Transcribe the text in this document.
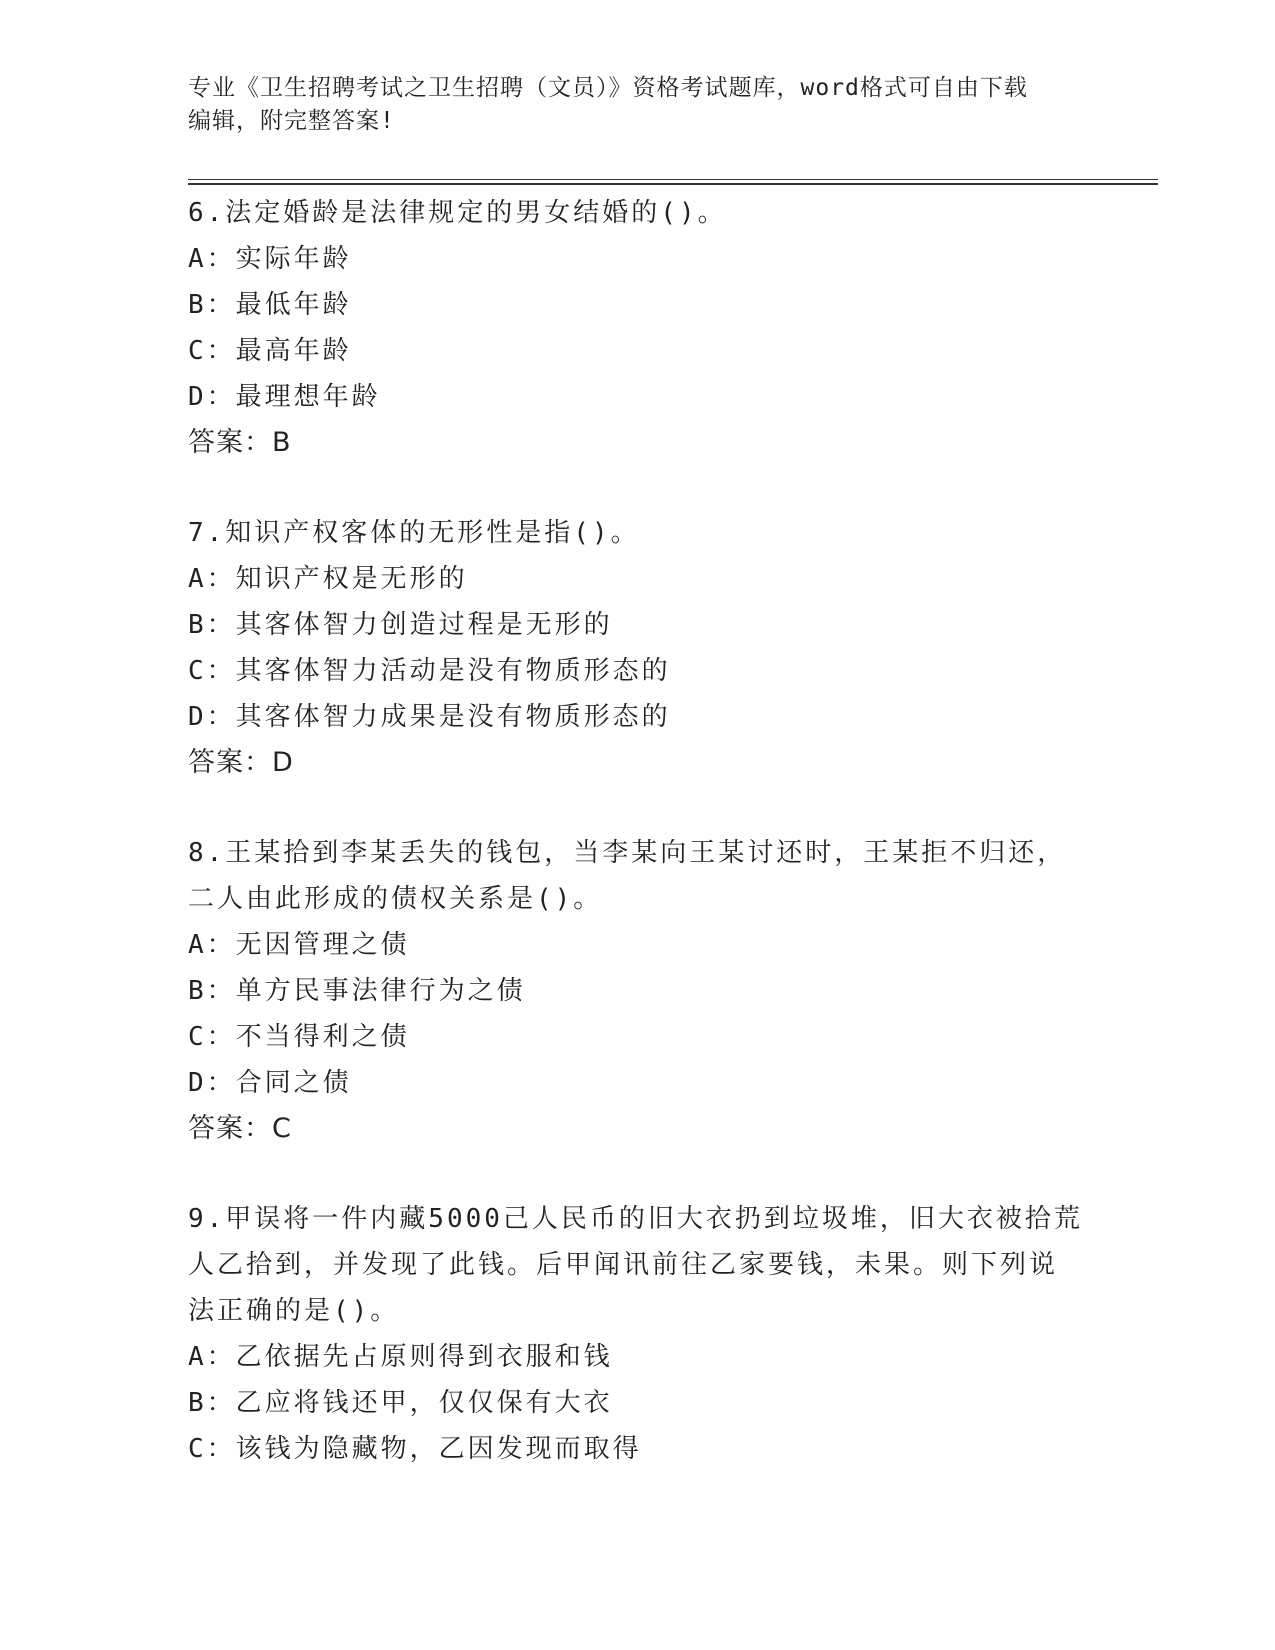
专业《卫生招聘考试之卫生招聘（文员）》资格考试题库，word格式可自由下载
编辑，附完整答案!
6.法定婚龄是法律规定的男女结婚的()。
A：实际年龄
B：最低年龄
C：最高年龄
D：最理想年龄
答案：B
7.知识产权客体的无形性是指()。
A：知识产权是无形的
B：其客体智力创造过程是无形的
C：其客体智力活动是没有物质形态的
D：其客体智力成果是没有物质形态的
答案：D
8.王某拾到李某丢失的钱包，当李某向王某讨还时，王某拒不归还，
二人由此形成的债权关系是()。
A：无因管理之债
B：单方民事法律行为之债
C：不当得利之债
D：合同之债
答案：C
9.甲误将一件内藏5000己人民币的旧大衣扔到垃圾堆，旧大衣被拾荒
人乙拾到，并发现了此钱。后甲闻讯前往乙家要钱，未果。则下列说
法正确的是()。
A：乙依据先占原则得到衣服和钱
B：乙应将钱还甲，仅仅保有大衣
C：该钱为隐藏物，乙因发现而取得
